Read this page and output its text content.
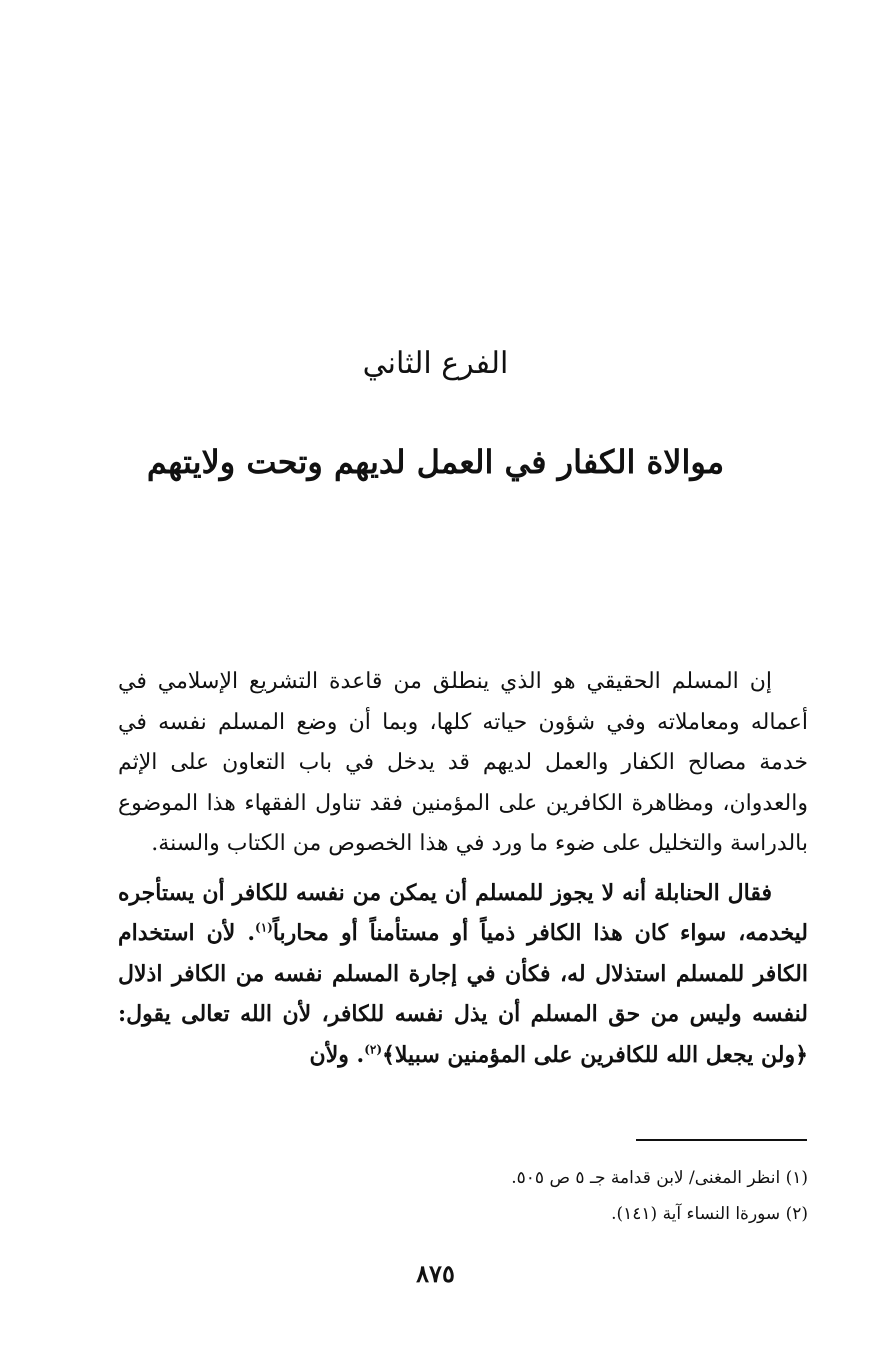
الفرع الثاني
موالاة الكفار في العمل لديهم وتحت ولايتهم

إن المسلم الحقيقي هو الذي ينطلق من قاعدة التشريع الإسلامي في أعماله ومعاملاته وفي شؤون حياته كلها، وبما أن وضع المسلم نفسه في خدمة مصالح الكفار والعمل لديهم قد يدخل في باب التعاون على الإثم والعدوان، ومظاهرة الكافرين على المؤمنين فقد تناول الفقهاء هذا الموضوع بالدراسة والتخليل على ضوء ما ورد في هذا الخصوص من الكتاب والسنة.

فقال الحنابلة أنه لا يجوز للمسلم أن يمكن من نفسه للكافر أن يستأجره ليخدمه، سواء كان هذا الكافر ذمياً أو مستأمناً أو محارباً$^{(١)}$. لأن استخدام الكافر للمسلم استذلال له، فكأن في إجارة المسلم نفسه من الكافر اذلال لنفسه وليس من حق المسلم أن يذل نفسه للكافر، لأن الله تعالى يقول: ﴿ولن يجعل الله للكافرين على المؤمنين سبيلا﴾$^{(٢)}$. ولأن

(١) انظر المغنى/ لابن قدامة جـ ٥ ص ٥٠٥.
(٢) سورةا النساء آية (١٤١).
٨٧٥
